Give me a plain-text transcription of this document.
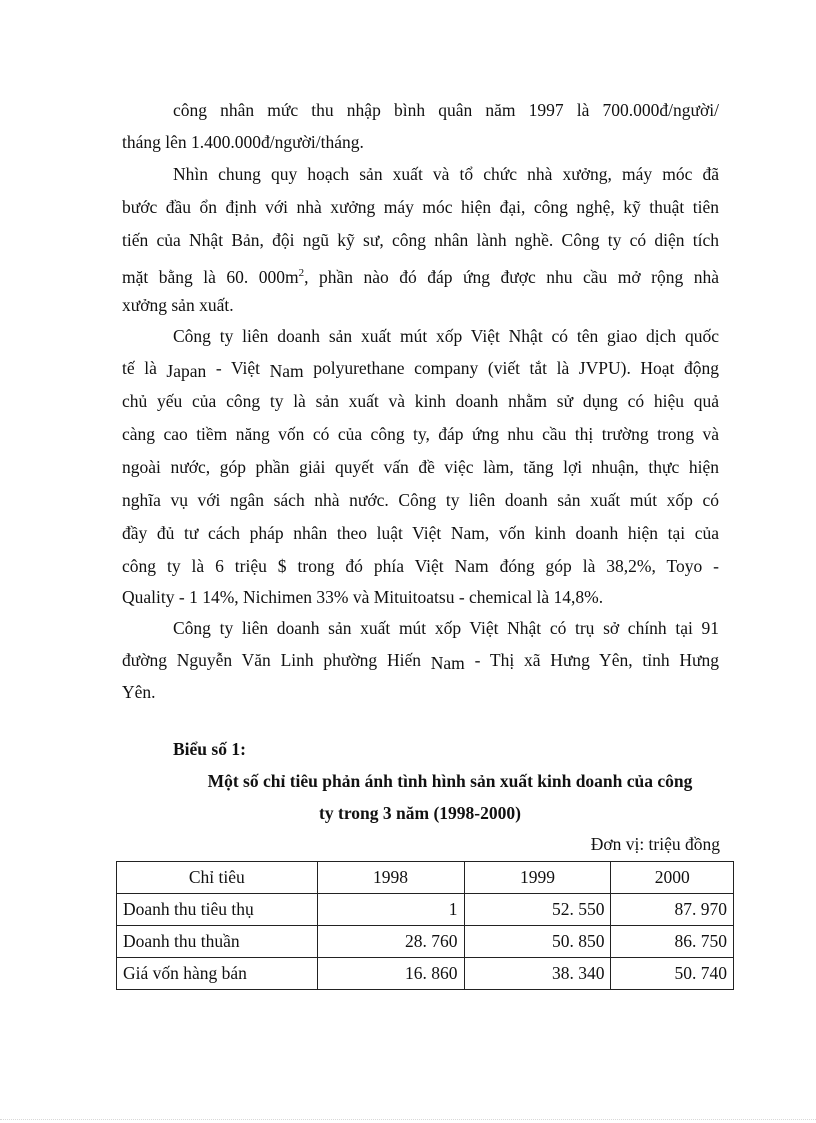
công nhân mức thu nhập bình quân năm 1997 là 700.000đ/người/
tháng lên 1.400.000đ/người/tháng.
Nhìn chung quy hoạch sản xuất và tổ chức nhà xưởng, máy móc đã
bước đầu ổn định với nhà xưởng máy móc hiện đại, công nghệ, kỹ thuật tiên
tiến của Nhật Bản, đội ngũ kỹ sư, công nhân lành nghề. Công ty có diện tích
mặt bằng là 60. $000m^2$, phần nào đó đáp ứng được nhu cầu mở rộng nhà
xưởng sản xuất.
Công ty liên doanh sản xuất mút xốp Việt Nhật có tên giao dịch quốc
tế là Japan - Việt Nam polyurethane company (viết tắt là JVPU). Hoạt động
chủ yếu của công ty là sản xuất và kinh doanh nhằm sử dụng có hiệu quả
càng cao tiềm năng vốn có của công ty, đáp ứng nhu cầu thị trường trong và
ngoài nước, góp phần giải quyết vấn đề việc làm, tăng lợi nhuận, thực hiện
nghĩa vụ với ngân sách nhà nước. Công ty liên doanh sản xuất mút xốp có
đầy đủ tư cách pháp nhân theo luật Việt Nam, vốn kinh doanh hiện tại của
công ty là 6 triệu $ trong đó phía Việt Nam đóng góp là 38,2%, Toyo -
Quality - 1 14%, Nichimen 33% và Mituitoatsu - chemical là 14,8%.
Công ty liên doanh sản xuất mút xốp Việt Nhật có trụ sở chính tại 91
đường Nguyễn Văn Linh phường Hiến Nam - Thị xã Hưng Yên, tỉnh Hưng
Yên.
Biểu số 1:
Một số chỉ tiêu phản ánh tình hình sản xuất kinh doanh của công
ty trong 3 năm (1998-2000)
Đơn vị: triệu đồng
Chỉ tiêu	1998	1999	2000
Doanh thu tiêu thụ	1	52. 550	87. 970
Doanh thu thuần	28. 760	50. 850	86. 750
Giá vốn hàng bán	16. 860	38. 340	50. 740
